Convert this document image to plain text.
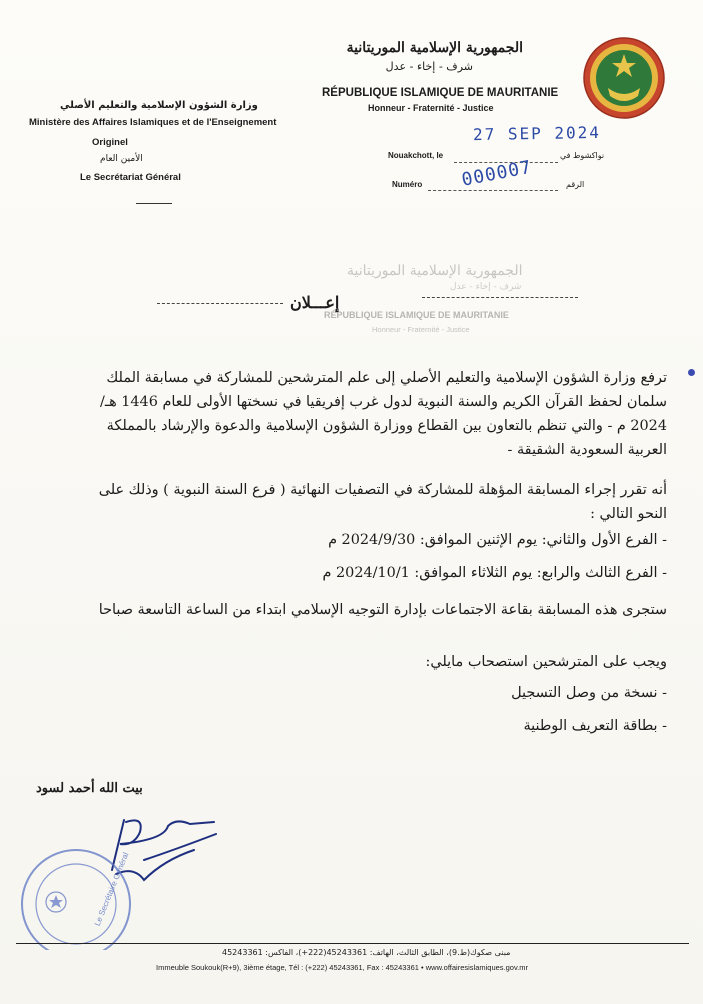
الجمهورية الإسلامية الموريتانية
شرف - إخاء - عدل
RÉPUBLIQUE ISLAMIQUE DE MAURITANIE
Honneur - Fraternité - Justice
وزارة الشؤون الإسلامية والتعليم الأصلي
Ministère des Affaires Islamiques et de l'Enseignement
Originel
الأمين العام
Le Secrétariat Général
27 SEP 2024
Nouakchott, le	نواكشوط في
Numéro	الرقم
000007
الجمهورية الإسلامية الموريتانية
شرف - إخاء - عدل
RÉPUBLIQUE ISLAMIQUE DE MAURITANIE
Honneur - Fraternité - Justice
إعـــلان
ترفع وزارة الشؤون الإسلامية والتعليم الأصلي إلى علم المترشحين للمشاركة في مسابقة الملك سلمان لحفظ القرآن الكريم والسنة النبوية لدول غرب إفريقيا في نسختها الأولى للعام 1446 هـ/ 2024 م - والتي تنظم بالتعاون بين القطاع ووزارة الشؤون الإسلامية والدعوة والإرشاد بالمملكة العربية السعودية الشقيقة -
أنه تقرر إجراء المسابقة المؤهلة للمشاركة في التصفيات النهائية ( فرع السنة النبوية ) وذلك على النحو التالي :
- الفرع الأول والثاني: يوم الإثنين الموافق: 2024/9/30 م
- الفرع الثالث والرابع: يوم الثلاثاء الموافق: 2024/10/1 م
ستجرى هذه المسابقة بقاعة الاجتماعات بإدارة التوجيه الإسلامي ابتداء من الساعة التاسعة صباحا
ويجب على المترشحين استصحاب مايلي:
- نسخة من وصل التسجيل
- بطاقة التعريف الوطنية
بيت الله أحمد لسود
Le Secrétaire Général
مبنى صكوك(ط.9)، الطابق الثالث، الهاتف: 45243361(222+)، الفاكس: 45243361
Immeuble Soukouk(R+9), 3ième étage, Tél : (+222) 45243361, Fax : 45243361 • www.offairesislamiques.gov.mr
